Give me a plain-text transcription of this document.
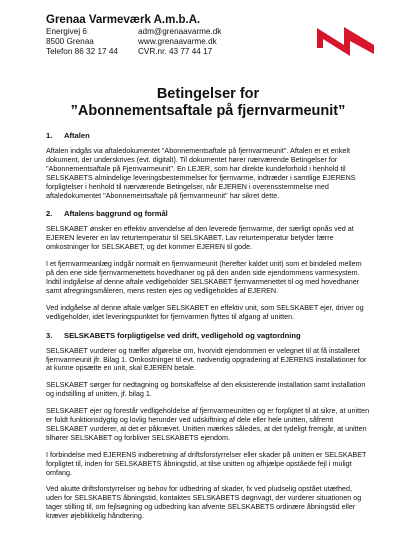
Grenaa Varmeværk A.m.b.A.
Energivej 6	adm@grenaavarme.dk
8500 Grenaa	www.grenaavarme.dk
Telefon 86 32 17 44	CVR.nr. 43 77 44 17
Betingelser for
”Abonnementsaftale på fjernvarmeunit”
1. Aftalen

Aftalen indgås via aftaledokumentet "Abonnementsaftale på fjernvarmeunit". Aftalen er et enkelt dokument, der underskrives (evt. digitalt). Til dokumentet hører nærværende Betingelser for "Abonnementsaftale på Fjernvarmeunit". En LEJER, som har direkte kundeforhold i henhold til SELSKABETS almindelige leveringsbestemmelser for fjernvarme, indtræder i samtlige EJERENS forpligtelser i henhold til nærværende Betingelser, når EJEREN i overensstemmelse med aftaledokumentet "Abonnementsaftale på fjernvarmeunit" har sikret dette.

2. Aftalens baggrund og formål

SELSKABET ønsker en effektiv anvendelse af den leverede fjernvarme, der særligt opnås ved at EJEREN leverer en lav returtemperatur til SELSKABET. Lav returtemperatur betyder færre omkostninger for SELSKABET, og det kommer EJEREN til gode.

I et fjernvarmeanlæg indgår normalt en fjernvarmeunit (herefter kaldet unit) som et bindeled mellem på den ene side fjernvarmenettets hovedhaner og på den anden side ejendommens varmesystem. Indtil indgåelse af denne aftale vedligeholder SELSKABET fjernvarmenettet til og med hovedhaner samt afregningsmåleren, mens resten ejes og vedligeholdes af EJEREN.

Ved indgåelse af denne aftale vælger SELSKABET en effektiv unit, som SELSKABET ejer, driver og vedligeholder, idet leveringspunktet for fjernvarmen flyttes til afgang af unitten.

3. SELSKABETS forpligtigelse ved drift, vedligehold og vagtordning

SELSKABET vurderer og træffer afgørelse om, hvorvidt ejendommen er velegnet til at få installeret fjernvarmeunit jfr. Bilag 1. Omkostninger til evt. nødvendig opgradering af EJERENS installationer for at kunne opsætte en unit, skal EJEREN betale.

SELSKABET sørger for nedtagning og bortskaffelse af den eksisterende installation samt installation og indstilling af unitten, jf. bilag 1.

SELSKABET ejer og forestår vedligeholdelse af fjernvarmeunitten og er forpligtet til at sikre, at unitten er fuldt funktionsdygtig og lovlig herunder ved udskiftning af dele eller hele unitten, såfremt SELSKABET vurderer, at det er påkrævet. Unitten mærkes således, at det tydeligt fremgår, at unitten tilhører SELSKABET og forbliver SELSKABETS ejendom.

I forbindelse med EJERENS indberetning af driftsforstyrrelser eller skader på unitten er SELSKABET forpligtet til, inden for SELSKABETS åbningstid, at tilse unitten og afhjælpe opståede fejl i muligt omfang.

Ved akutte driftsforstyrrelser og behov for udbedring af skader, fx ved pludselig opstået utæthed, uden for SELSKABETS åbningstid, kontaktes SELSKABETS døgnvagt, der vurderer situationen og tager stilling til, om fejlsøgning og udbedring kan afvente SELSKABETS ordinære åbningstid eller kræver øjeblikkelig håndtering.
